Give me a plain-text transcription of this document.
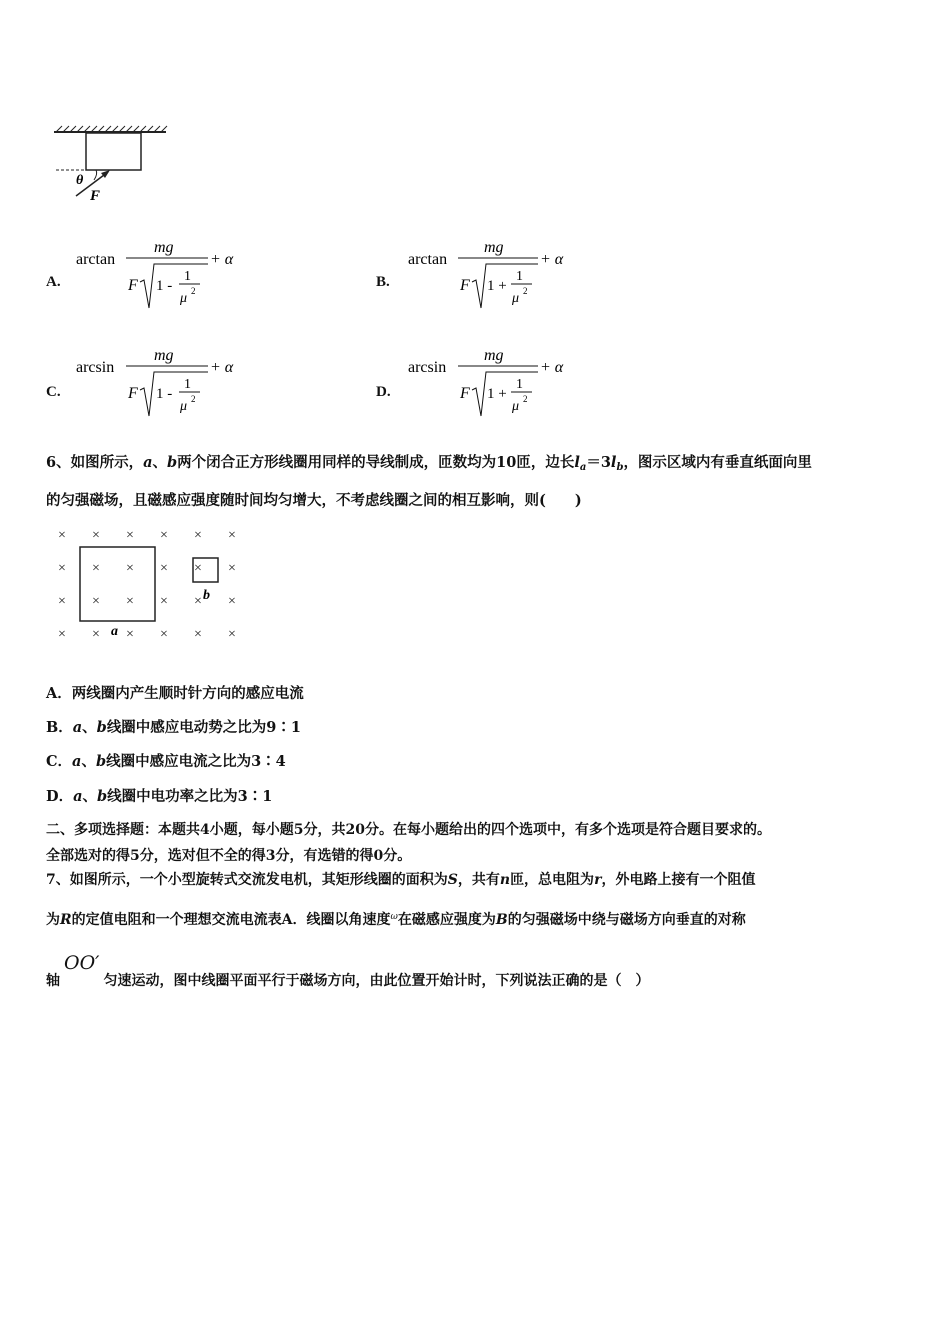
θ
F
A.
arctan
mg
F 1 -
1
μ 2
+ α
B.
arctan
mg
F 1 +
1
μ 2
+ α
C.
arcsin
mg
F 1 -
1
μ 2
+ α
D.
arcsin
mg
F 1 +
1
μ 2
+ α
6、如图所示，a、b两个闭合正方形线圈用同样的导线制成，匝数均为10匝，边长$l_a=3l_b$，图示区域内有垂直纸面向里
的匀强磁场，且磁感应强度随时间均匀增大，不考虑线圈之间的相互影响，则(　　)
× × × × × ×
× × × × × ×
× × × × × ×
× × × × × ×
a
b
A．两线圈内产生顺时针方向的感应电流
B．a、b线圈中感应电动势之比为9∶1
C．a、b线圈中感应电流之比为3∶4
D．a、b线圈中电功率之比为3∶1
二、多项选择题：本题共4小题，每小题5分，共20分。在每小题给出的四个选项中，有多个选项是符合题目要求的。
全部选对的得5分，选对但不全的得3分，有选错的得0分。
7、如图所示，一个小型旋转式交流发电机，其矩形线圈的面积为S，共有n匝，总电阻为r，外电路上接有一个阻值
为R的定值电阻和一个理想交流电流表A．线圈以角速度$^\omega$在磁感应强度为B的匀强磁场中绕与磁场方向垂直的对称
轴OO′匀速运动，图中线圈平面平行于磁场方向，由此位置开始计时，下列说法正确的是（　）
